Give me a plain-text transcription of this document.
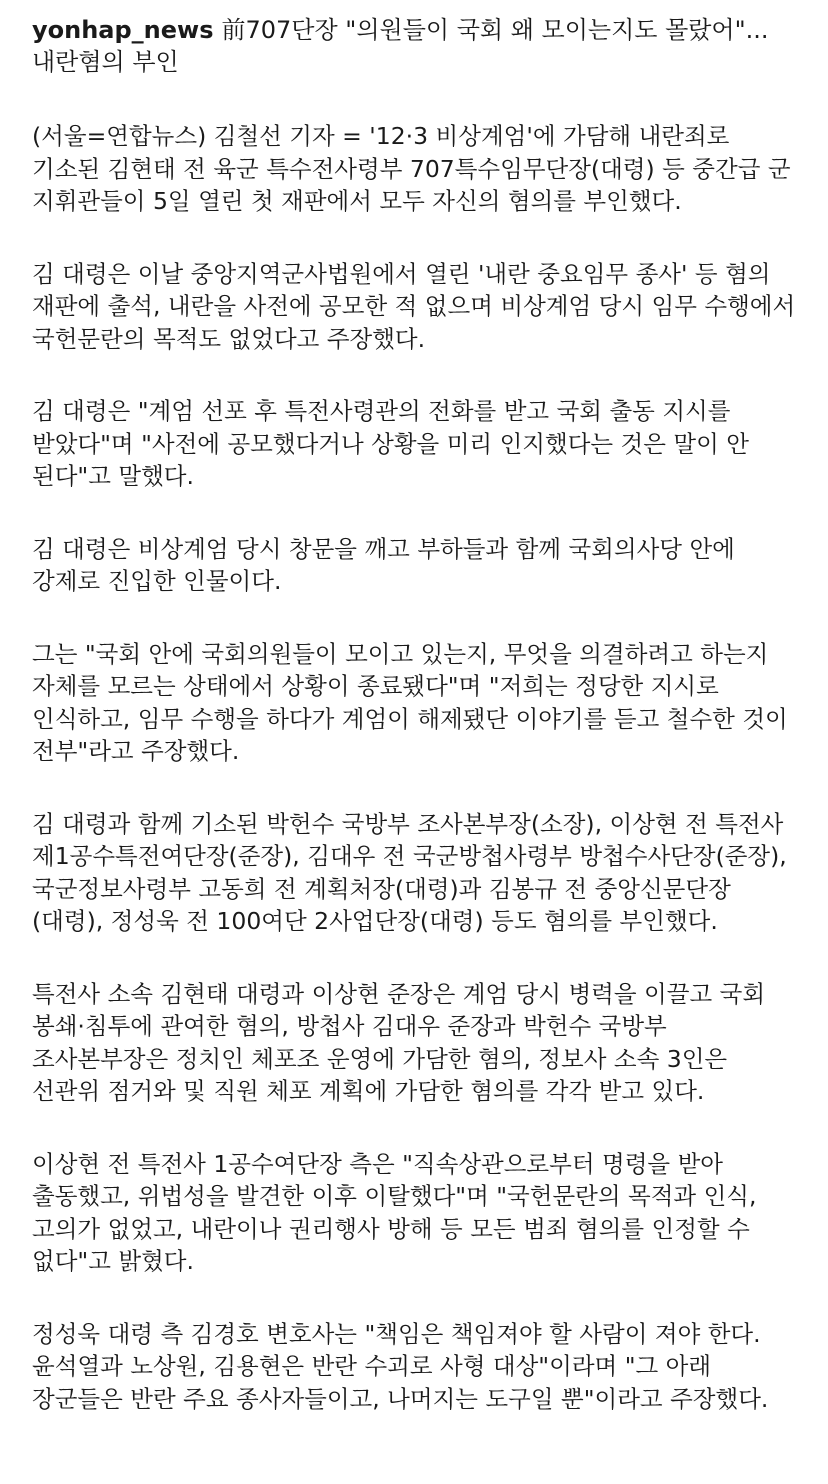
yonhap_news 前707단장 "의원들이 국회 왜 모이는지도 몰랐어"... 내란혐의 부인

(서울=연합뉴스) 김철선 기자 = '12·3 비상계엄'에 가담해 내란죄로 기소된 김현태 전 육군 특수전사령부 707특수임무단장(대령) 등 중간급 군 지휘관들이 5일 열린 첫 재판에서 모두 자신의 혐의를 부인했다.

김 대령은 이날 중앙지역군사법원에서 열린 '내란 중요임무 종사' 등 혐의 재판에 출석, 내란을 사전에 공모한 적 없으며 비상계엄 당시 임무 수행에서 국헌문란의 목적도 없었다고 주장했다.

김 대령은 "계엄 선포 후 특전사령관의 전화를 받고 국회 출동 지시를 받았다"며 "사전에 공모했다거나 상황을 미리 인지했다는 것은 말이 안 된다"고 말했다.

김 대령은 비상계엄 당시 창문을 깨고 부하들과 함께 국회의사당 안에 강제로 진입한 인물이다.

그는 "국회 안에 국회의원들이 모이고 있는지, 무엇을 의결하려고 하는지 자체를 모르는 상태에서 상황이 종료됐다"며 "저희는 정당한 지시로 인식하고, 임무 수행을 하다가 계엄이 해제됐단 이야기를 듣고 철수한 것이 전부"라고 주장했다.

김 대령과 함께 기소된 박헌수 국방부 조사본부장(소장), 이상현 전 특전사 제1공수특전여단장(준장), 김대우 전 국군방첩사령부 방첩수사단장(준장), 국군정보사령부 고동희 전 계획처장(대령)과 김봉규 전 중앙신문단장(대령), 정성욱 전 100여단 2사업단장(대령) 등도 혐의를 부인했다.

특전사 소속 김현태 대령과 이상현 준장은 계엄 당시 병력을 이끌고 국회 봉쇄·침투에 관여한 혐의, 방첩사 김대우 준장과 박헌수 국방부 조사본부장은 정치인 체포조 운영에 가담한 혐의, 정보사 소속 3인은 선관위 점거와 및 직원 체포 계획에 가담한 혐의를 각각 받고 있다.

이상현 전 특전사 1공수여단장 측은 "직속상관으로부터 명령을 받아 출동했고, 위법성을 발견한 이후 이탈했다"며 "국헌문란의 목적과 인식, 고의가 없었고, 내란이나 권리행사 방해 등 모든 범죄 혐의를 인정할 수 없다"고 밝혔다.

정성욱 대령 측 김경호 변호사는 "책임은 책임져야 할 사람이 져야 한다. 윤석열과 노상원, 김용현은 반란 수괴로 사형 대상"이라며 "그 아래 장군들은 반란 주요 종사자들이고, 나머지는 도구일 뿐"이라고 주장했다.
